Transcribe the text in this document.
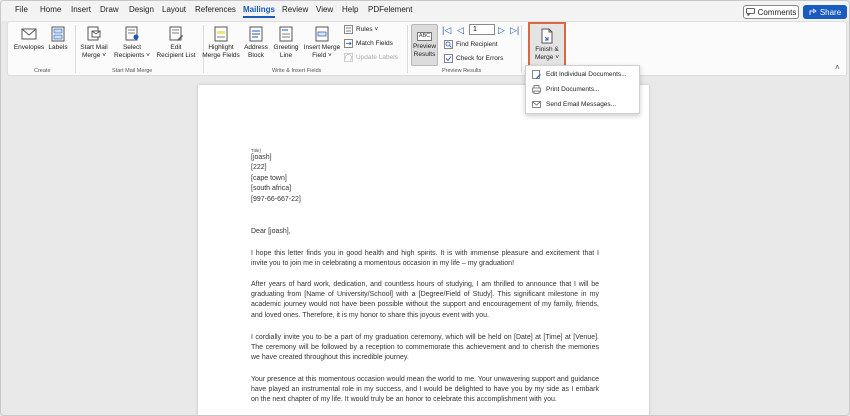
File Home Insert Draw Design Layout References Mailings Review View Help PDFelement	Comments	Share
Envelopes Labels
Create
Start Mail
Merge ˅
Select
Recipients ˅
Edit
Recipient List
Start Mail Merge
Highlight
Merge Fields
Address
Block
Greeting
Line
Insert Merge
Field ˅
Rules ˅
Match Fields
Update Labels
Write & Insert Fields
ABC
Preview
Results
|◁ ◁
1	▷ ▷|
Find Recipient
Check for Errors
Preview Results
Finish &
Merge ˅
˄
Title}
[joash]
[222]
[cape town]
[south africa]
[997-66-667-22]
Dear [joash],
I hope this letter finds you in good health and high spirits. It is with immense pleasure and excitement that I invite you to join me in celebrating a momentous occasion in my life – my graduation!
After years of hard work, dedication, and countless hours of studying, I am thrilled to announce that I will be graduating from [Name of University/School] with a [Degree/Field of Study]. This significant milestone in my academic journey would not have been possible without the support and encouragement of my family, friends, and loved ones. Therefore, it is my honor to share this joyous event with you.
I cordially invite you to be a part of my graduation ceremony, which will be held on [Date] at [Time] at [Venue]. The ceremony will be followed by a reception to commemorate this achievement and to cherish the memories we have created throughout this incredible journey.
Your presence at this momentous occasion would mean the world to me. Your unwavering support and guidance have played an instrumental role in my success, and I would be delighted to have you by my side as I embark on the next chapter of my life. It would truly be an honor to celebrate this accomplishment with you.
Edit Individual Documents...
Print Documents...
Send Email Messages...
